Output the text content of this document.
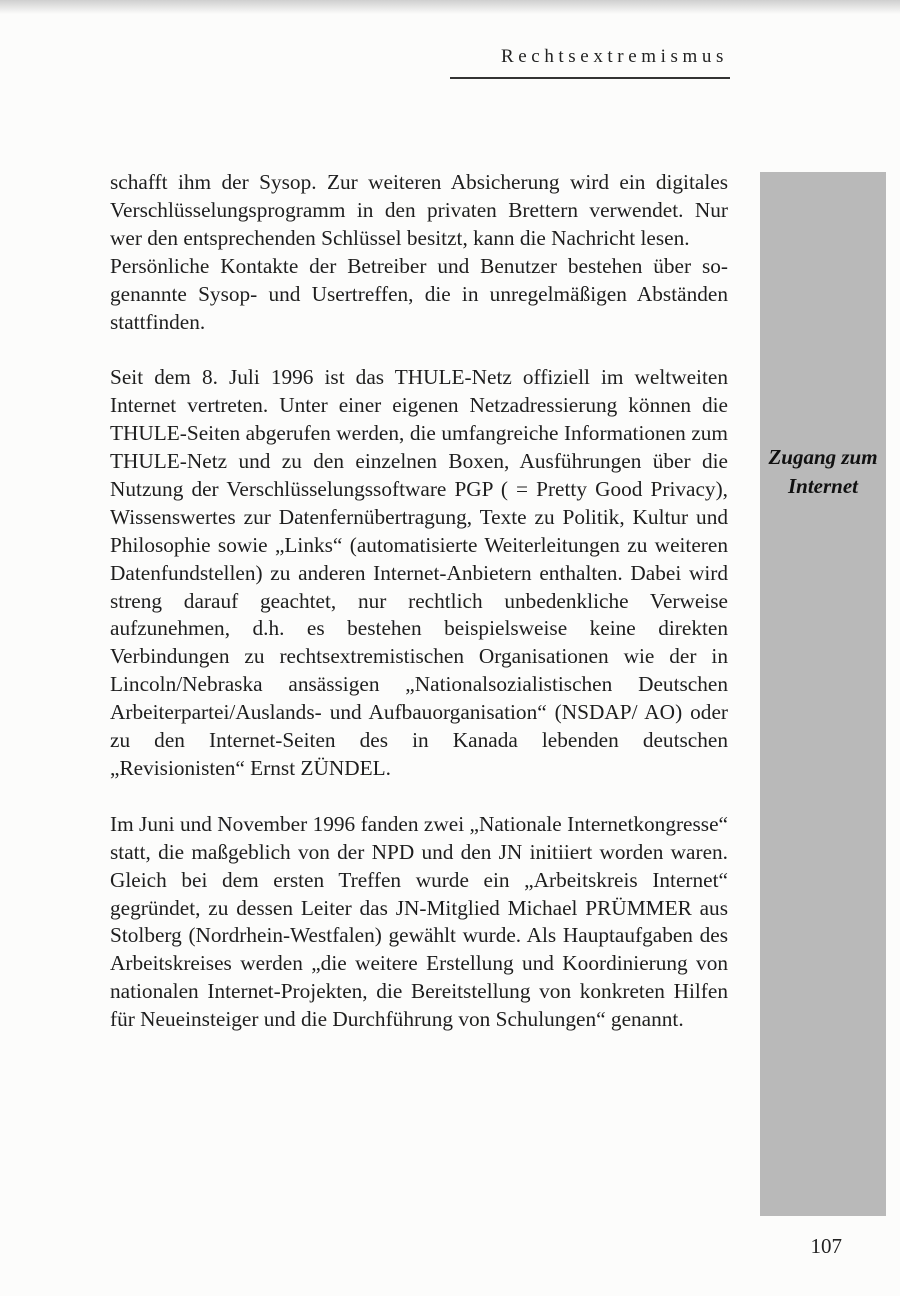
Rechtsextremismus
Zugang zum
Internet

schafft ihm der Sysop. Zur weiteren Absicherung wird ein digitales Verschlüsselungsprogramm in den privaten Brettern verwendet. Nur wer den entsprechenden Schlüssel besitzt, kann die Nachricht lesen.

Persönliche Kontakte der Betreiber und Benutzer bestehen über sogenannte Sysop- und Usertreffen, die in unregelmäßigen Abständen stattfinden.

Seit dem 8. Juli 1996 ist das THULE-Netz offiziell im weltweiten Internet vertreten. Unter einer eigenen Netzadressierung können die THULE-Seiten abgerufen werden, die umfangreiche Informationen zum THULE-Netz und zu den einzelnen Boxen, Ausführungen über die Nutzung der Verschlüsselungssoftware PGP ( = Pretty Good Privacy), Wissenswertes zur Datenfernübertragung, Texte zu Politik, Kultur und Philosophie sowie „Links“ (automatisierte Weiterleitungen zu weiteren Datenfundstellen) zu anderen Internet-Anbietern enthalten. Dabei wird streng darauf geachtet, nur rechtlich unbedenkliche Verweise aufzunehmen, d.h. es bestehen beispielsweise keine direkten Verbindungen zu rechtsextremistischen Organisationen wie der in Lincoln/Nebraska ansässigen „Nationalsozialistischen Deutschen Arbeiterpartei/Auslands- und Aufbauorganisation“ (NSDAP/ AO) oder zu den Internet-Seiten des in Kanada lebenden deutschen „Revisionisten“ Ernst ZÜNDEL.

Im Juni und November 1996 fanden zwei „Nationale Internetkongresse“ statt, die maßgeblich von der NPD und den JN initiiert worden waren. Gleich bei dem ersten Treffen wurde ein „Arbeitskreis Internet“ gegründet, zu dessen Leiter das JN-Mitglied Michael PRÜMMER aus Stolberg (Nordrhein-Westfalen) gewählt wurde. Als Hauptaufgaben des Arbeitskreises werden „die weitere Erstellung und Koordinierung von nationalen Internet-Projekten, die Bereitstellung von konkreten Hilfen für Neueinsteiger und die Durchführung von Schulungen“ genannt.

107
